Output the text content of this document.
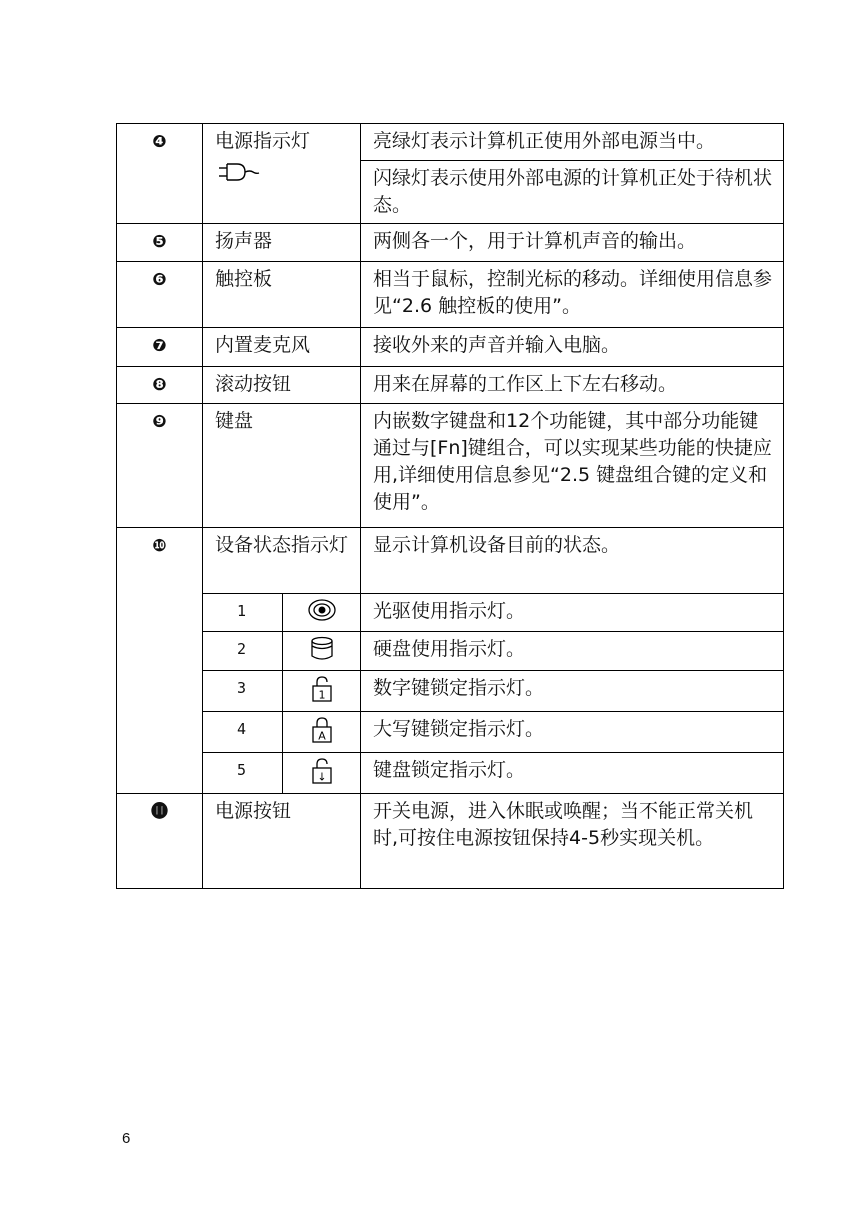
❹	电源指示灯		亮绿灯表示计算机正使用外部电源当中。
			闪绿灯表示使用外部电源的计算机正处于待机状态。
❺	扬声器		两侧各一个，用于计算机声音的输出。
❻	触控板		相当于鼠标，控制光标的移动。详细使用信息参见“2.6 触控板的使用”。
❼	内置麦克风		接收外来的声音并输入电脑。
❽	滚动按钮		用来在屏幕的工作区上下左右移动。
❾	键盘		内嵌数字键盘和12个功能键，其中部分功能键通过与[Fn]键组合，可以实现某些功能的快捷应用,详细使用信息参见“2.5 键盘组合键的定义和使用”。
❿	设备状态指示灯		显示计算机设备目前的状态。
	1		光驱使用指示灯。
	2		硬盘使用指示灯。
	3	1	数字键锁定指示灯。
	4	A	大写键锁定指示灯。
	5	↓	键盘锁定指示灯。
⓫	电源按钮		开关电源，进入休眠或唤醒；当不能正常关机时,可按住电源按钮保持4-5秒实现关机。
6
